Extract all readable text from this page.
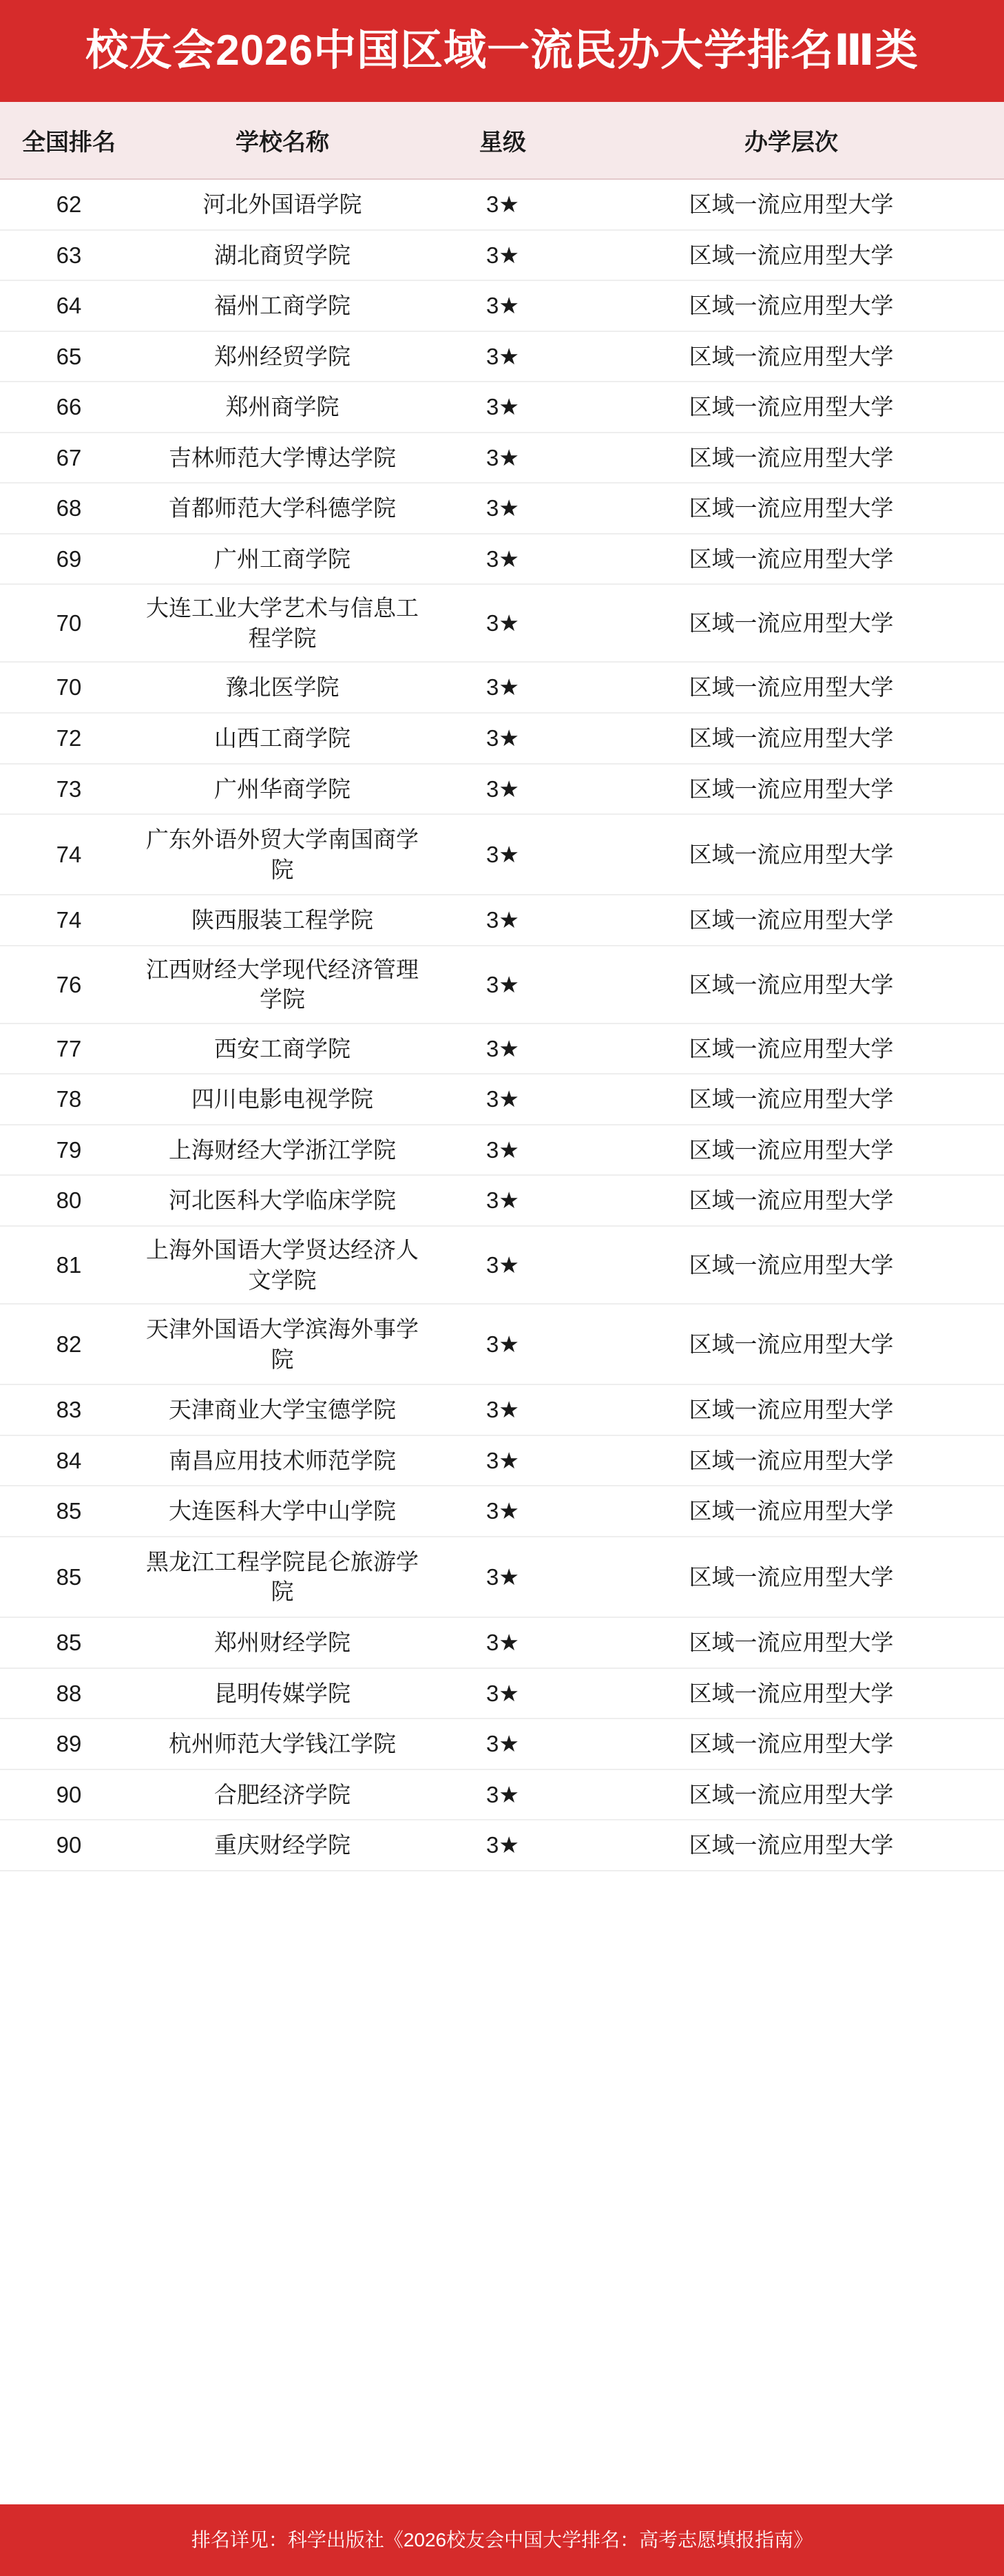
校友会2026中国区域一流民办大学排名Ⅲ类
全国排名	学校名称	星级	办学层次
62	河北外国语学院	3★	区域一流应用型大学
63	湖北商贸学院	3★	区域一流应用型大学
64	福州工商学院	3★	区域一流应用型大学
65	郑州经贸学院	3★	区域一流应用型大学
66	郑州商学院	3★	区域一流应用型大学
67	吉林师范大学博达学院	3★	区域一流应用型大学
68	首都师范大学科德学院	3★	区域一流应用型大学
69	广州工商学院	3★	区域一流应用型大学
70	大连工业大学艺术与信息工程学院	3★	区域一流应用型大学
70	豫北医学院	3★	区域一流应用型大学
72	山西工商学院	3★	区域一流应用型大学
73	广州华商学院	3★	区域一流应用型大学
74	广东外语外贸大学南国商学院	3★	区域一流应用型大学
74	陕西服装工程学院	3★	区域一流应用型大学
76	江西财经大学现代经济管理学院	3★	区域一流应用型大学
77	西安工商学院	3★	区域一流应用型大学
78	四川电影电视学院	3★	区域一流应用型大学
79	上海财经大学浙江学院	3★	区域一流应用型大学
80	河北医科大学临床学院	3★	区域一流应用型大学
81	上海外国语大学贤达经济人文学院	3★	区域一流应用型大学
82	天津外国语大学滨海外事学院	3★	区域一流应用型大学
83	天津商业大学宝德学院	3★	区域一流应用型大学
84	南昌应用技术师范学院	3★	区域一流应用型大学
85	大连医科大学中山学院	3★	区域一流应用型大学
85	黑龙江工程学院昆仑旅游学院	3★	区域一流应用型大学
85	郑州财经学院	3★	区域一流应用型大学
88	昆明传媒学院	3★	区域一流应用型大学
89	杭州师范大学钱江学院	3★	区域一流应用型大学
90	合肥经济学院	3★	区域一流应用型大学
90	重庆财经学院	3★	区域一流应用型大学
排名详见：科学出版社《2026校友会中国大学排名：高考志愿填报指南》
